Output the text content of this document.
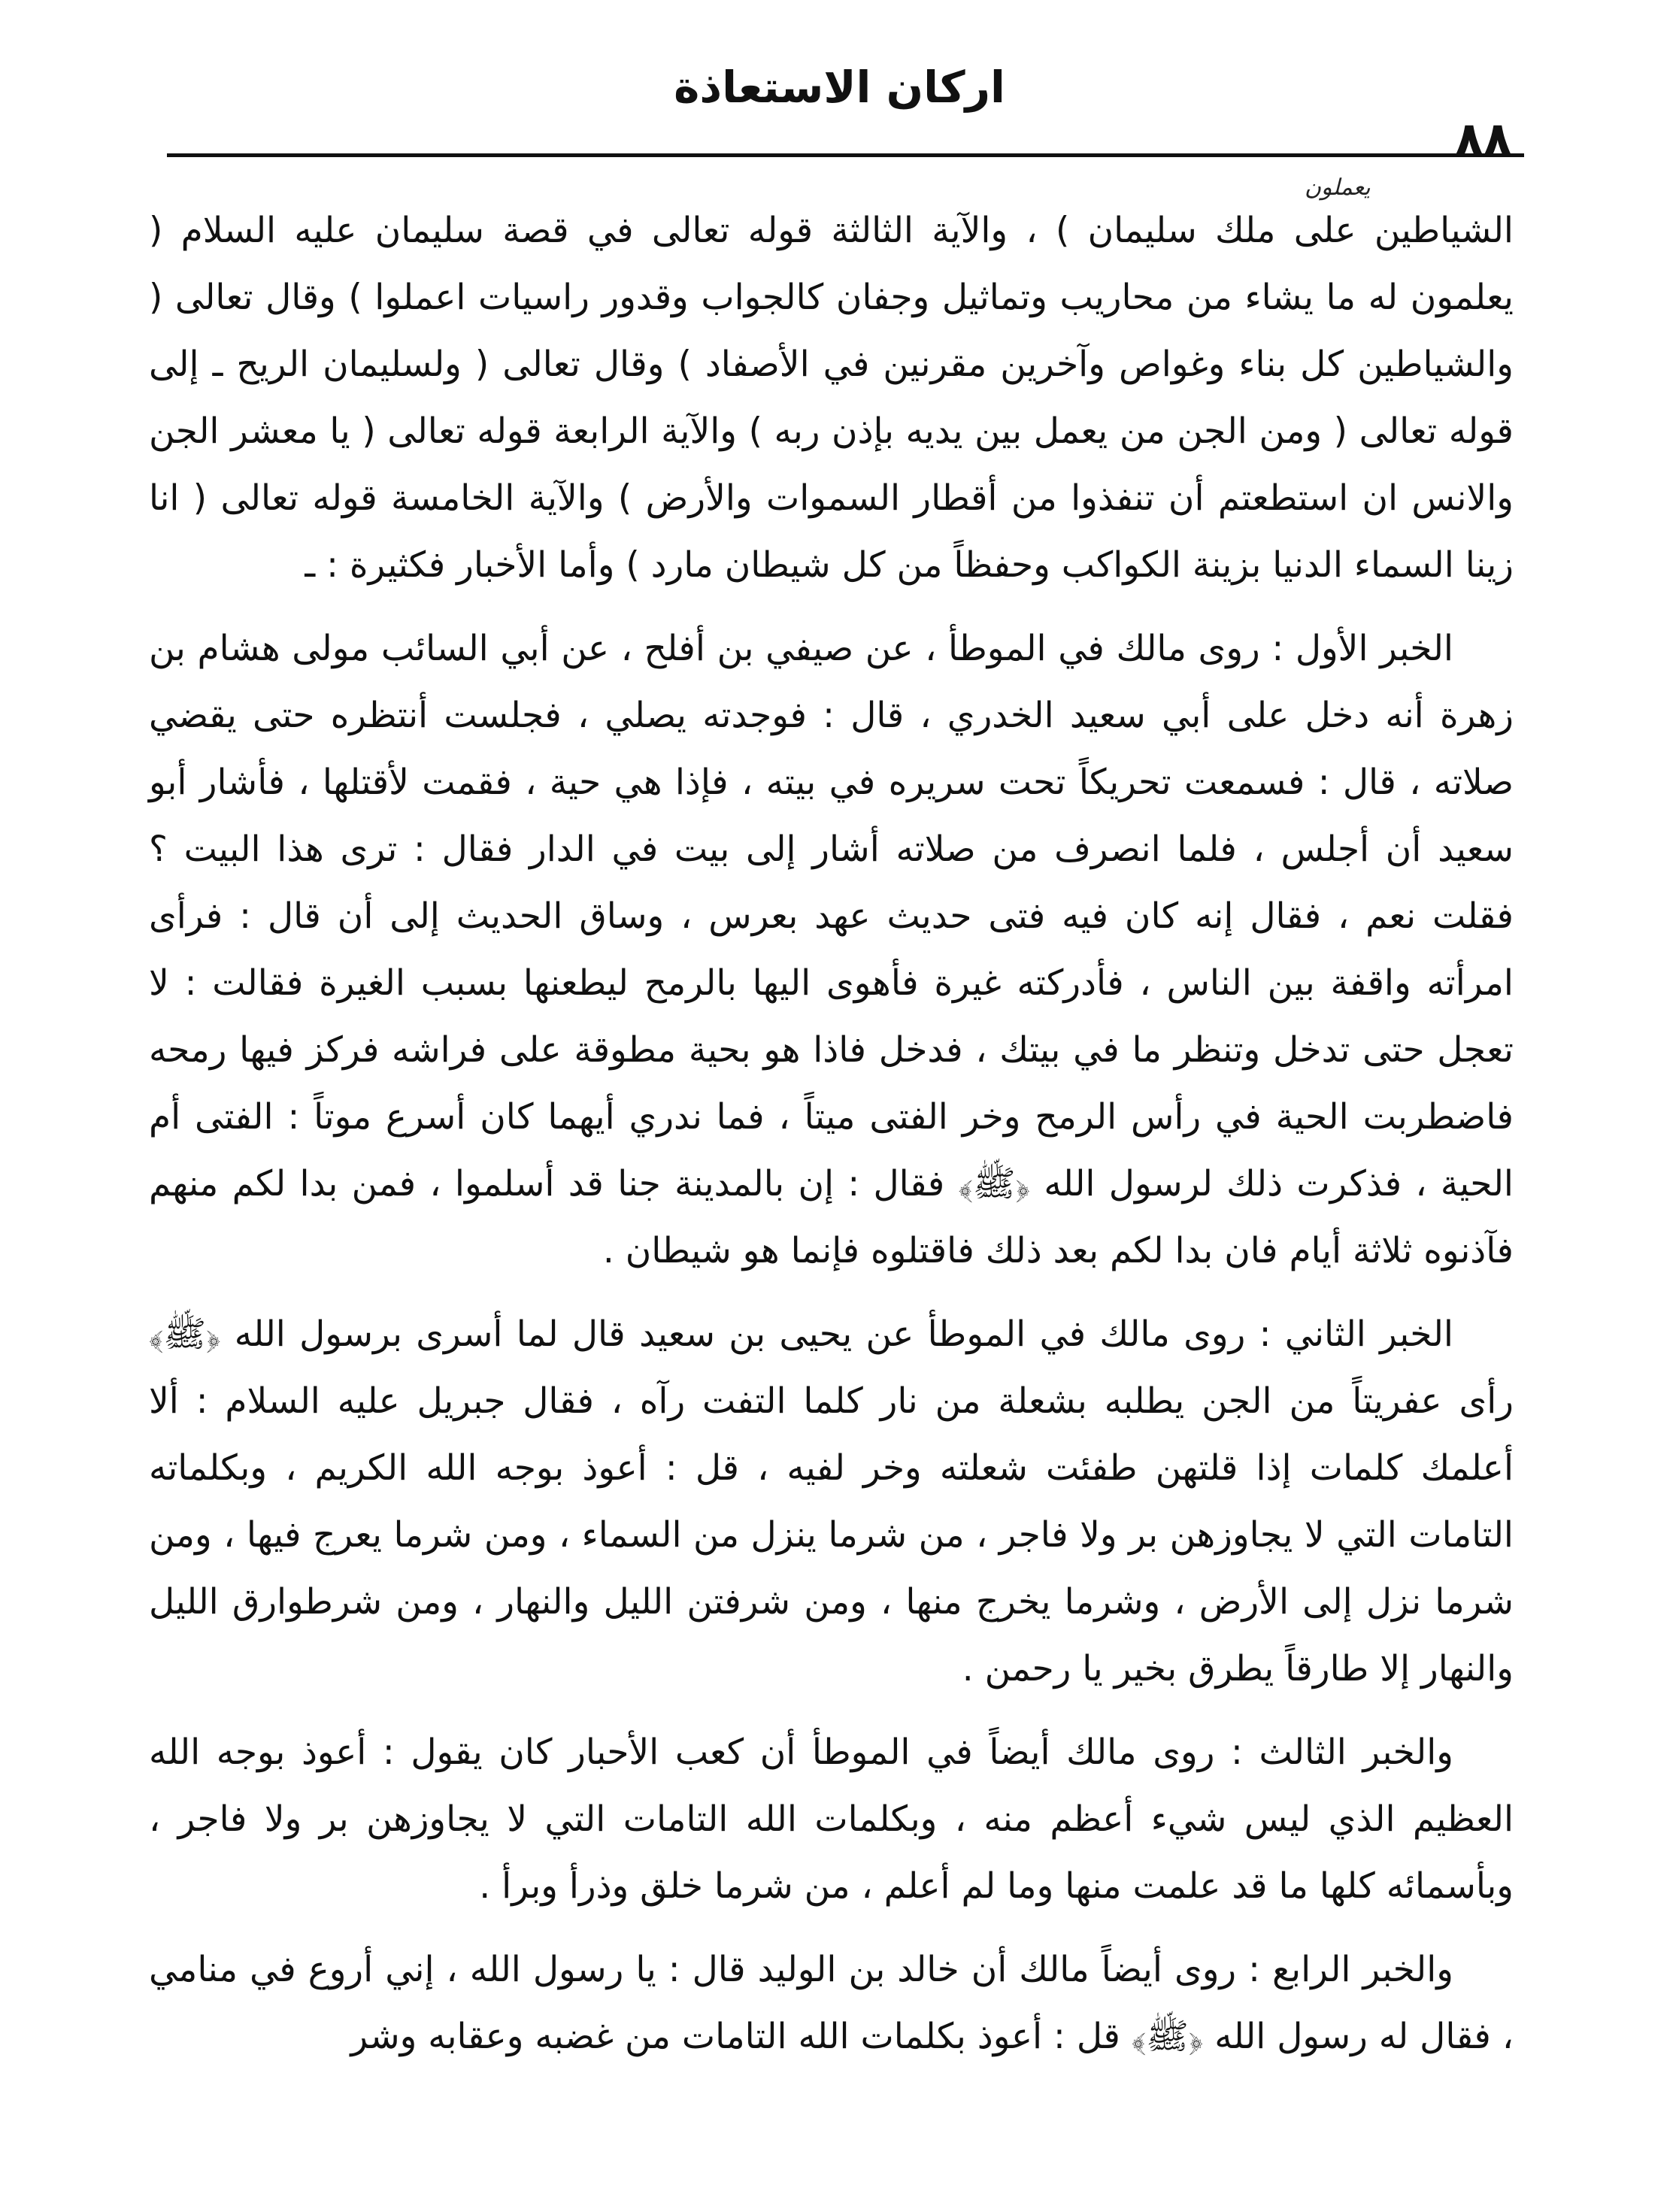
اركان الاستعاذة
٨٨
يعملون

الشياطين على ملك سليمان ) ، والآية الثالثة قوله تعالى في قصة سليمان عليه السلام ( يعلمون له ما يشاء من محاريب وتماثيل وجفان كالجواب وقدور راسيات اعملوا ) وقال تعالى ( والشياطين كل بناء وغواص وآخرين مقرنين في الأصفاد ) وقال تعالى ( ولسليمان الريح ـ إلى قوله تعالى ( ومن الجن من يعمل بين يديه بإذن ربه ) والآية الرابعة قوله تعالى ( يا معشر الجن والانس ان استطعتم أن تنفذوا من أقطار السموات والأرض ) والآية الخامسة قوله تعالى ( انا زينا السماء الدنيا بزينة الكواكب وحفظاً من كل شيطان مارد ) وأما الأخبار فكثيرة : ـ

الخبر الأول : روى مالك في الموطأ ، عن صيفي بن أفلح ، عن أبي السائب مولى هشام بن زهرة أنه دخل على أبي سعيد الخدري ، قال : فوجدته يصلي ، فجلست أنتظره حتى يقضي صلاته ، قال : فسمعت تحريكاً تحت سريره في بيته ، فإذا هي حية ، فقمت لأقتلها ، فأشار أبو سعيد أن أجلس ، فلما انصرف من صلاته أشار إلى بيت في الدار فقال : ترى هذا البيت ؟ فقلت نعم ، فقال إنه كان فيه فتى حديث عهد بعرس ، وساق الحديث إلى أن قال : فرأى امرأته واقفة بين الناس ، فأدركته غيرة فأهوى اليها بالرمح ليطعنها بسبب الغيرة فقالت : لا تعجل حتى تدخل وتنظر ما في بيتك ، فدخل فاذا هو بحية مطوقة على فراشه فركز فيها رمحه فاضطربت الحية في رأس الرمح وخر الفتى ميتاً ، فما ندري أيهما كان أسرع موتاً : الفتى أم الحية ، فذكرت ذلك لرسول الله ﴿ﷺ﴾ فقال : إن بالمدينة جنا قد أسلموا ، فمن بدا لكم منهم فآذنوه ثلاثة أيام فان بدا لكم بعد ذلك فاقتلوه فإنما هو شيطان .

الخبر الثاني : روى مالك في الموطأ عن يحيى بن سعيد قال لما أسرى برسول الله ﴿ﷺ﴾ رأى عفريتاً من الجن يطلبه بشعلة من نار كلما التفت رآه ، فقال جبريل عليه السلام : ألا أعلمك كلمات إذا قلتهن طفئت شعلته وخر لفيه ، قل : أعوذ بوجه الله الكريم ، وبكلماته التامات التي لا يجاوزهن بر ولا فاجر ، من شرما ينزل من السماء ، ومن شرما يعرج فيها ، ومن شرما نزل إلى الأرض ، وشرما يخرج منها ، ومن شرفتن الليل والنهار ، ومن شرطوارق الليل والنهار إلا طارقاً يطرق بخير يا رحمن .

والخبر الثالث : روى مالك أيضاً في الموطأ أن كعب الأحبار كان يقول : أعوذ بوجه الله العظيم الذي ليس شيء أعظم منه ، وبكلمات الله التامات التي لا يجاوزهن بر ولا فاجر ، وبأسمائه كلها ما قد علمت منها وما لم أعلم ، من شرما خلق وذرأ وبرأ .

والخبر الرابع : روى أيضاً مالك أن خالد بن الوليد قال : يا رسول الله ، إني أروع في منامي ، فقال له رسول الله ﴿ﷺ﴾ قل : أعوذ بكلمات الله التامات من غضبه وعقابه وشر
